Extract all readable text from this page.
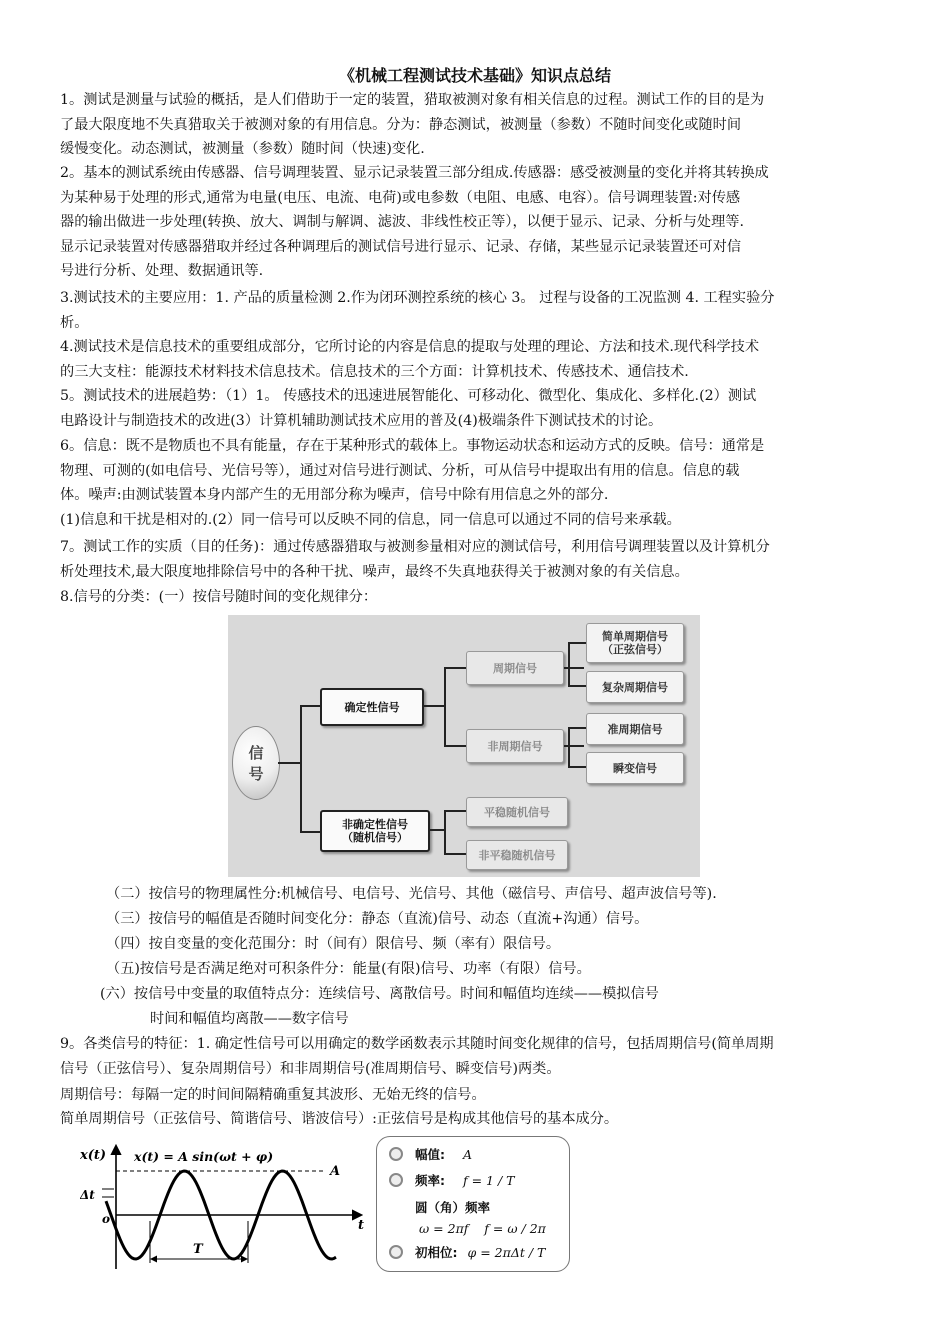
《机械工程测试技术基础》知识点总结
1。测试是测量与试验的概括，是人们借助于一定的装置，猎取被测对象有相关信息的过程。测试工作的目的是为
了最大限度地不失真猎取关于被测对象的有用信息。分为：静态测试，被测量（参数）不随时间变化或随时间
缓慢变化。动态测试，被测量（参数）随时间（快速)变化.
2。基本的测试系统由传感器、信号调理装置、显示记录装置三部分组成.传感器：感受被测量的变化并将其转换成
为某种易于处理的形式,通常为电量(电压、电流、电荷)或电参数（电阻、电感、电容）。信号调理装置:对传感
器的输出做进一步处理(转换、放大、调制与解调、滤波、非线性校正等），以便于显示、记录、分析与处理等.
显示记录装置对传感器猎取并经过各种调理后的测试信号进行显示、记录、存储，某些显示记录装置还可对信
号进行分析、处理、数据通讯等.
3.测试技术的主要应用：1. 产品的质量检测 2.作为闭环测控系统的核心 3。 过程与设备的工况监测 4. 工程实验分
析。
4.测试技术是信息技术的重要组成部分，它所讨论的内容是信息的提取与处理的理论、方法和技术.现代科学技术
的三大支柱：能源技术材料技术信息技术。信息技术的三个方面：计算机技术、传感技术、通信技术.
5。测试技术的进展趋势：（1）1。 传感技术的迅速进展智能化、可移动化、微型化、集成化、多样化.(2）测试
电路设计与制造技术的改进(3）计算机辅助测试技术应用的普及(4)极端条件下测试技术的讨论。
6。信息：既不是物质也不具有能量，存在于某种形式的载体上。事物运动状态和运动方式的反映。信号：通常是
物理、可测的(如电信号、光信号等），通过对信号进行测试、分析，可从信号中提取出有用的信息。信息的载
体。噪声:由测试装置本身内部产生的无用部分称为噪声，信号中除有用信息之外的部分.
(1)信息和干扰是相对的.(2）同一信号可以反映不同的信息，同一信息可以通过不同的信号来承载。
7。测试工作的实质（目的任务)：通过传感器猎取与被测参量相对应的测试信号，利用信号调理装置以及计算机分
析处理技术,最大限度地排除信号中的各种干扰、噪声，最终不失真地获得关于被测对象的有关信息。
8.信号的分类：(一）按信号随时间的变化规律分：
信
号
确定性信号
非确定性信号
（随机信号）
周期信号
非周期信号
简单周期信号
（正弦信号）
复杂周期信号
准周期信号
瞬变信号
平稳随机信号
非平稳随机信号
（二）按信号的物理属性分:机械信号、电信号、光信号、其他（磁信号、声信号、超声波信号等).
（三）按信号的幅值是否随时间变化分：静态（直流)信号、动态（直流+沟通）信号。
（四）按自变量的变化范围分：时（间有）限信号、频（率有）限信号。
（五)按信号是否满足绝对可积条件分：能量(有限)信号、功率（有限）信号。
(六）按信号中变量的取值特点分：连续信号、离散信号。时间和幅值均连续——模拟信号
时间和幅值均离散——数字信号
9。各类信号的特征：1. 确定性信号可以用确定的数学函数表示其随时间变化规律的信号，包括周期信号(简单周期
信号（正弦信号）、复杂周期信号）和非周期信号(准周期信号、瞬变信号)两类。
周期信号：每隔一定的时间间隔精确重复其波形、无始无终的信号。
简单周期信号（正弦信号、简谐信号、谐波信号）:正弦信号是构成其他信号的基本成分。
x(t) x(t) = A sin(ωt + φ)
A
Δt
o	t
T
幅值: A
频率: f = 1 / T
圆（角）频率
ω = 2πf    f = ω / 2π
初相位: φ = 2πΔt / T
